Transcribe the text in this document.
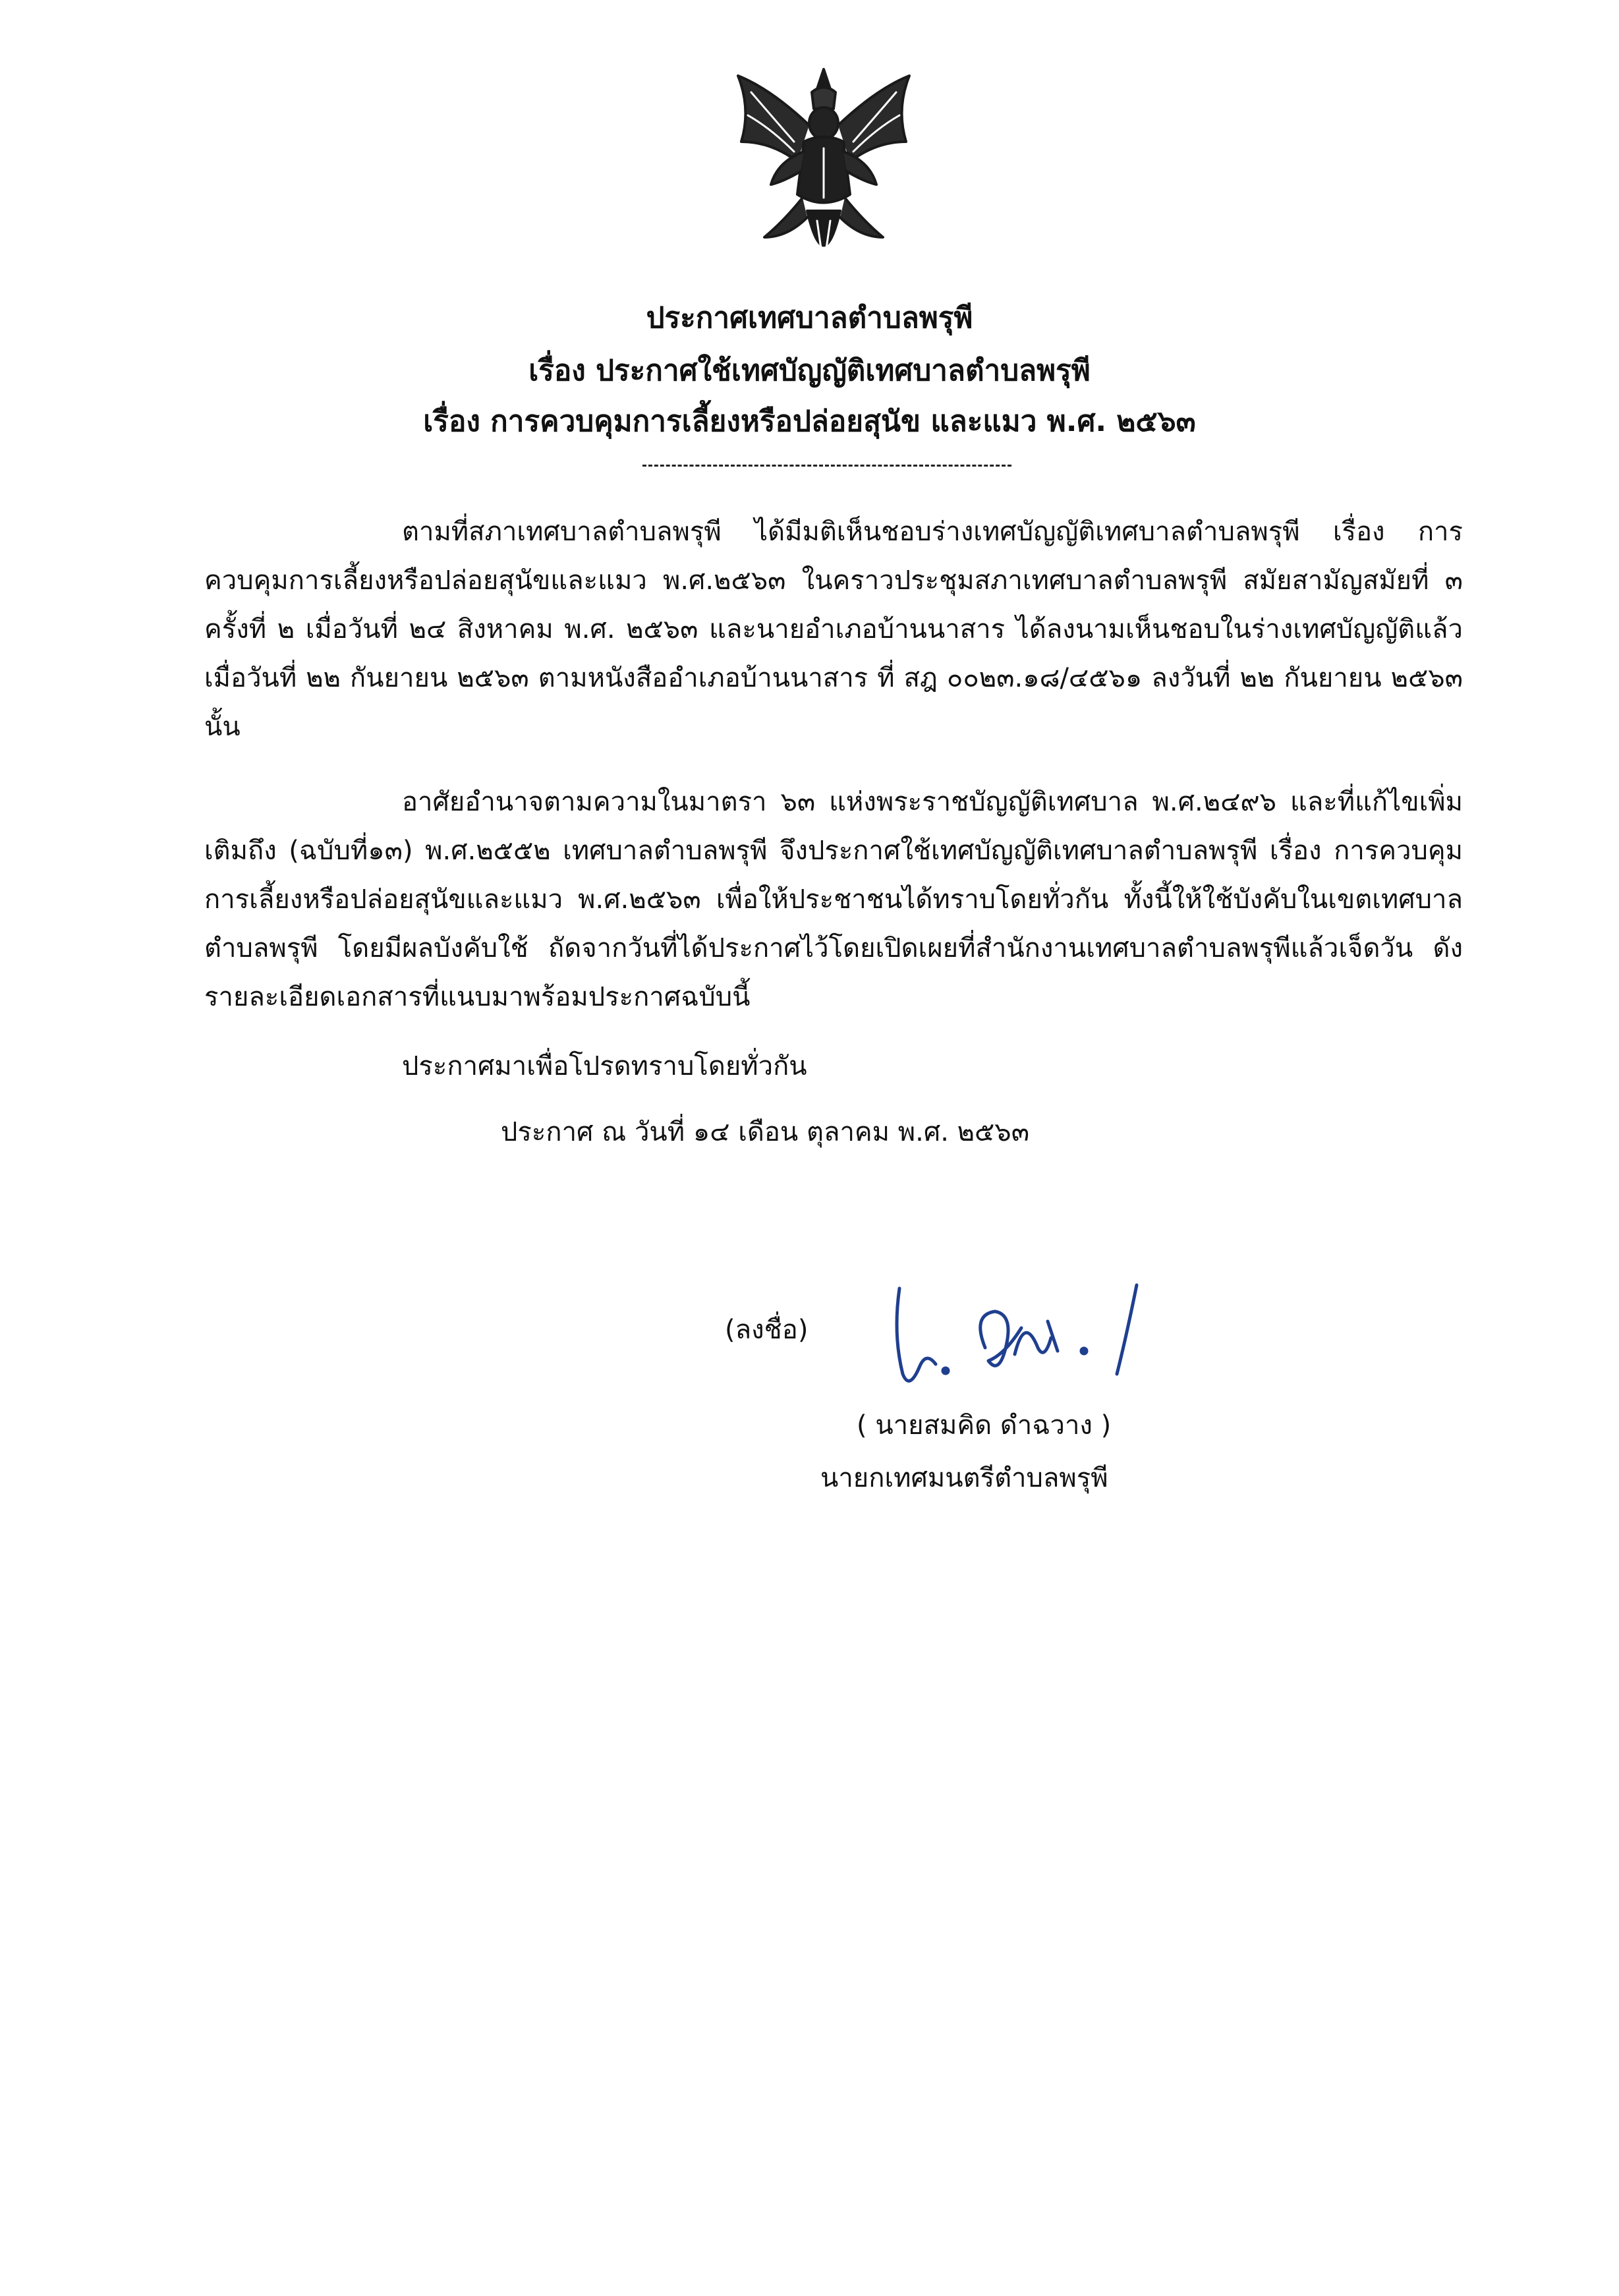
ประกาศเทศบาลตำบลพรุพี

เรื่อง ประกาศใช้เทศบัญญัติเทศบาลตำบลพรุพี

เรื่อง การควบคุมการเลี้ยงหรือปล่อยสุนัข และแมว พ.ศ. ๒๕๖๓

ตามที่สภาเทศบาลตำบลพรุพี ได้มีมติเห็นชอบร่างเทศบัญญัติเทศบาลตำบลพรุพี เรื่อง การควบคุมการเลี้ยงหรือปล่อยสุนัขและแมว พ.ศ.๒๕๖๓ ในคราวประชุมสภาเทศบาลตำบลพรุพี สมัยสามัญสมัยที่ ๓ ครั้งที่ ๒ เมื่อวันที่ ๒๔ สิงหาคม พ.ศ. ๒๕๖๓ และนายอำเภอบ้านนาสาร ได้ลงนามเห็นชอบในร่างเทศบัญญัติแล้ว เมื่อวันที่ ๒๒ กันยายน ๒๕๖๓ ตามหนังสืออำเภอบ้านนาสาร ที่ สฎ ๐๐๒๓.๑๘/๔๕๖๑ ลงวันที่ ๒๒ กันยายน ๒๕๖๓ นั้น

อาศัยอำนาจตามความในมาตรา ๖๓ แห่งพระราชบัญญัติเทศบาล พ.ศ.๒๔๙๖ และที่แก้ไขเพิ่มเติมถึง (ฉบับที่๑๓) พ.ศ.๒๕๕๒ เทศบาลตำบลพรุพี จึงประกาศใช้เทศบัญญัติเทศบาลตำบลพรุพี เรื่อง การควบคุมการเลี้ยงหรือปล่อยสุนัขและแมว พ.ศ.๒๕๖๓ เพื่อให้ประชาชนได้ทราบโดยทั่วกัน ทั้งนี้ให้ใช้บังคับในเขตเทศบาลตำบลพรุพี โดยมีผลบังคับใช้ ถัดจากวันที่ได้ประกาศไว้โดยเปิดเผยที่สำนักงานเทศบาลตำบลพรุพีแล้วเจ็ดวัน ดังรายละเอียดเอกสารที่แนบมาพร้อมประกาศฉบับนี้

ประกาศมาเพื่อโปรดทราบโดยทั่วกัน

ประกาศ ณ วันที่ ๑๔ เดือน ตุลาคม พ.ศ. ๒๕๖๓

(ลงชื่อ)

( นายสมคิด ดำฉวาง )

นายกเทศมนตรีตำบลพรุพี
